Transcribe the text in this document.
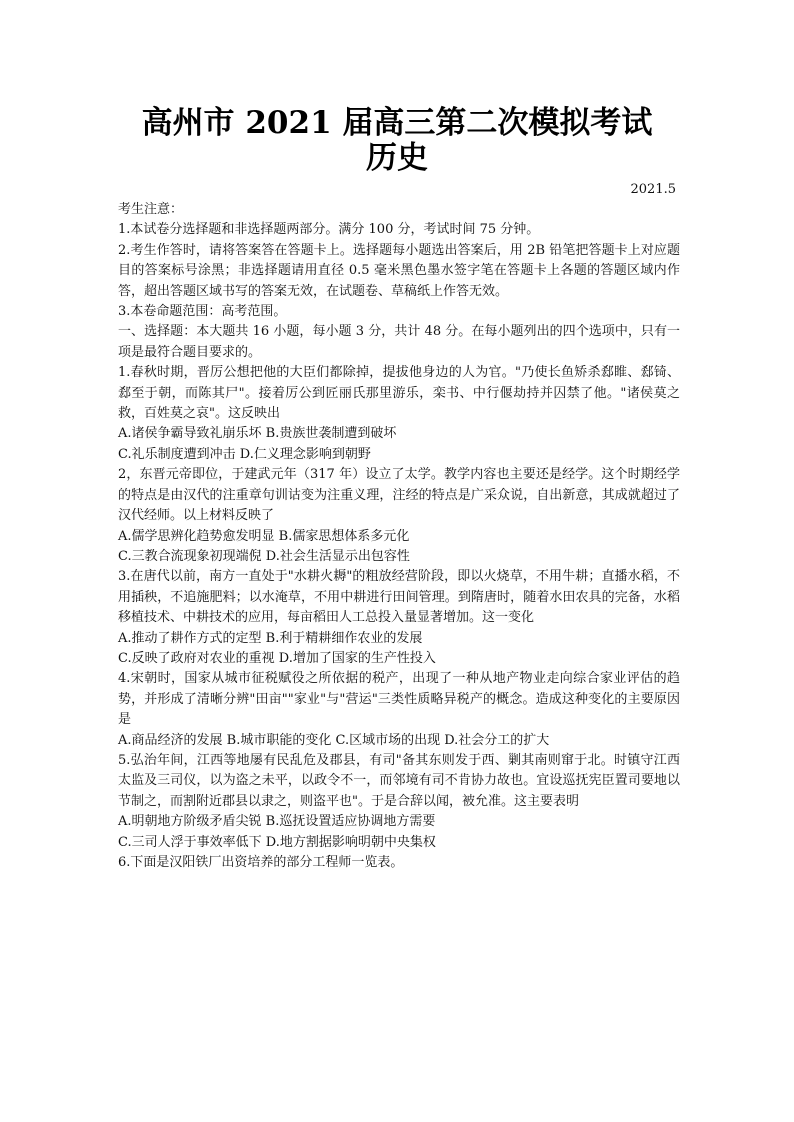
高州市 2021 届高三第二次模拟考试
历史
2021.5

考生注意：

1.本试卷分选择题和非选择题两部分。满分 100 分，考试时间 75 分钟。

2.考生作答时，请将答案答在答题卡上。选择题每小题选出答案后，用 2B 铅笔把答题卡上对应题目的答案标号涂黑；非选择题请用直径 0.5 毫米黑色墨水签字笔在答题卡上各题的答题区域内作答，超出答题区域书写的答案无效，在试题卷、草稿纸上作答无效。

3.本卷命题范围：高考范围。

一、选择题：本大题共 16 小题，每小题 3 分，共计 48 分。在每小题列出的四个选项中，只有一项是最符合题目要求的。

1.春秋时期，晋厉公想把他的大臣们都除掉，提拔他身边的人为官。"乃使长鱼矫杀郄睢、郄锜、郄至于朝，而陈其尸"。接着厉公到匠丽氏那里游乐，栾书、中行偃劫持并囚禁了他。"诸侯莫之救，百姓莫之哀"。这反映出

A.诸侯争霸导致礼崩乐坏 B.贵族世袭制遭到破坏

C.礼乐制度遭到冲击 D.仁义理念影响到朝野

2，东晋元帝即位，于建武元年（317 年）设立了太学。教学内容也主要还是经学。这个时期经学的特点是由汉代的注重章句训诂变为注重义理，注经的特点是广采众说，自出新意，其成就超过了汉代经师。以上材料反映了

A.儒学思辨化趋势愈发明显 B.儒家思想体系多元化

C.三教合流现象初现端倪 D.社会生活显示出包容性

3.在唐代以前，南方一直处于"水耕火耨"的粗放经营阶段，即以火烧草，不用牛耕；直播水稻，不用插秧，不追施肥料；以水淹草，不用中耕进行田间管理。到隋唐时，随着水田农具的完备，水稻移植技术、中耕技术的应用，每亩稻田人工总投入量显著增加。这一变化

A.推动了耕作方式的定型 B.利于精耕细作农业的发展

C.反映了政府对农业的重视 D.增加了国家的生产性投入

4.宋朝时，国家从城市征税赋役之所依据的税产，出现了一种从地产物业走向综合家业评估的趋势，并形成了清晰分辨"田亩""家业"与"营运"三类性质略异税产的概念。造成这种变化的主要原因是

A.商品经济的发展 B.城市职能的变化 C.区域市场的出现 D.社会分工的扩大

5.弘治年间，江西等地屡有民乱危及郡县，有司"备其东则发于西、剿其南则窜于北。时镇守江西太监及三司仪，以为盗之未平，以政令不一，而邻境有司不肯协力故也。宜设巡抚宪臣置司要地以节制之，而割附近郡县以隶之，则盗平也"。于是合辞以闻，被允准。这主要表明

A.明朝地方阶级矛盾尖锐 B.巡抚设置适应协调地方需要

C.三司人浮于事效率低下 D.地方割据影响明朝中央集权

6.下面是汉阳铁厂出资培养的部分工程师一览表。
